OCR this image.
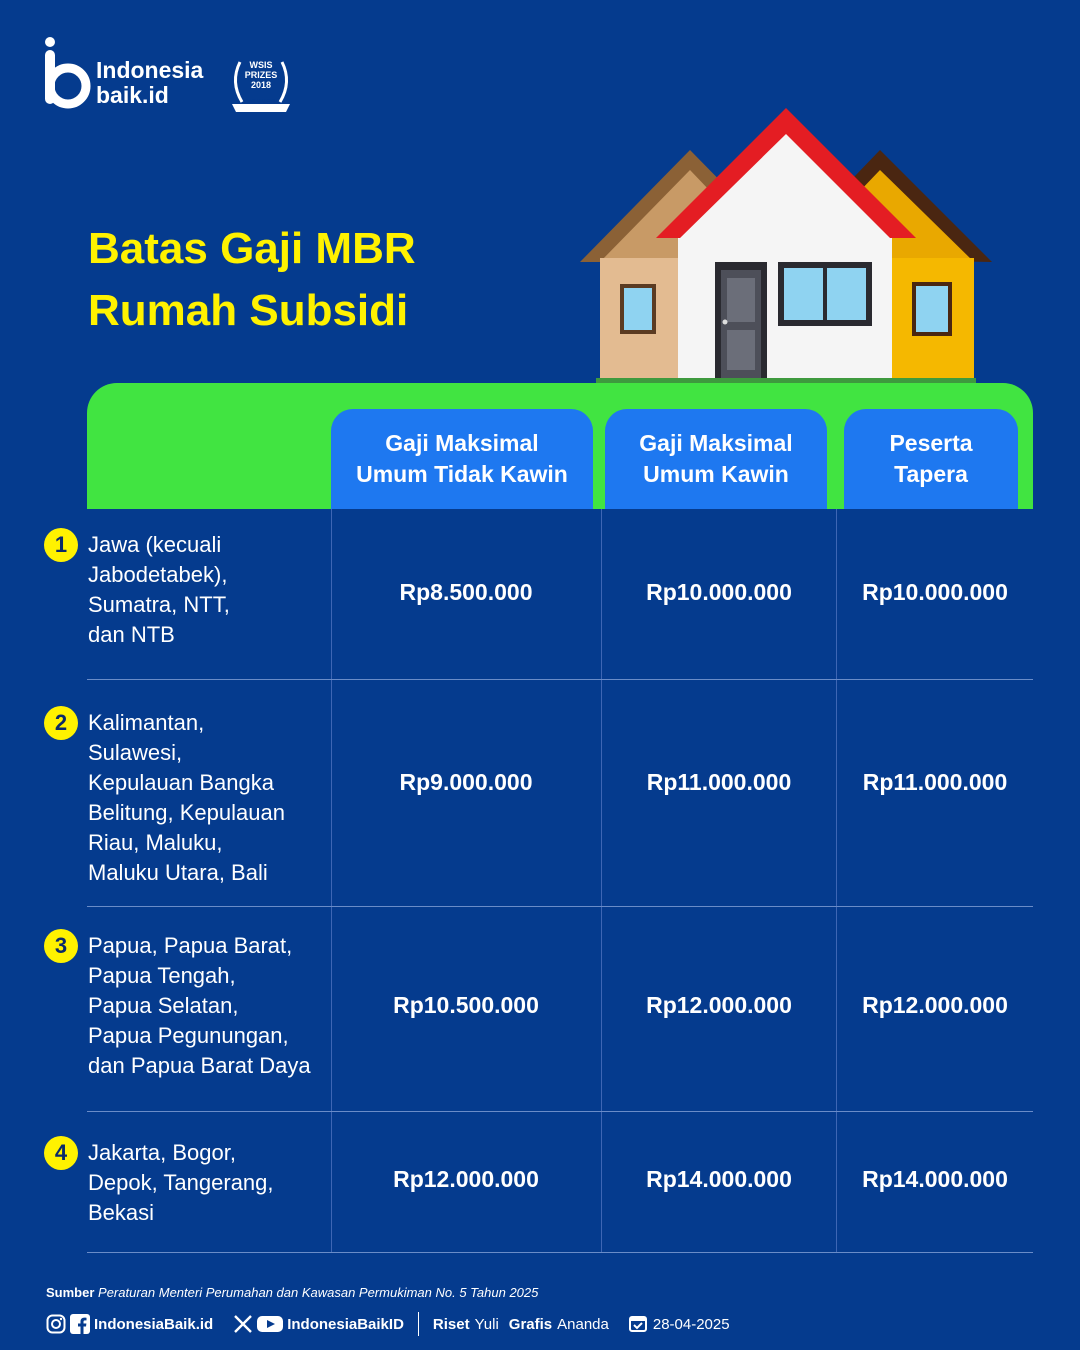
Indonesia
baik.id
WSIS
PRIZES
2018
WINNER
Batas Gaji MBR
Rumah Subsidi
Gaji Maksimal
Umum Tidak Kawin
Gaji Maksimal
Umum Kawin
Peserta
Tapera
1 Jawa (kecuali
Jabodetabek),
Sumatra, NTT,
dan NTB
Rp8.500.000	Rp10.000.000	Rp10.000.000
2 Kalimantan,
Sulawesi,
Kepulauan Bangka
Belitung, Kepulauan
Riau, Maluku,
Maluku Utara, Bali
Rp9.000.000	Rp11.000.000	Rp11.000.000
3 Papua, Papua Barat,
Papua Tengah,
Papua Selatan,
Papua Pegunungan,
dan Papua Barat Daya
Rp10.500.000	Rp12.000.000	Rp12.000.000
4 Jakarta, Bogor,
Depok, Tangerang,
Bekasi
Rp12.000.000	Rp14.000.000	Rp14.000.000
Sumber Peraturan Menteri Perumahan dan Kawasan Permukiman No. 5 Tahun 2025
IndonesiaBaik.id	IndonesiaBaikID Riset Yuli Grafis Ananda	28-04-2025
